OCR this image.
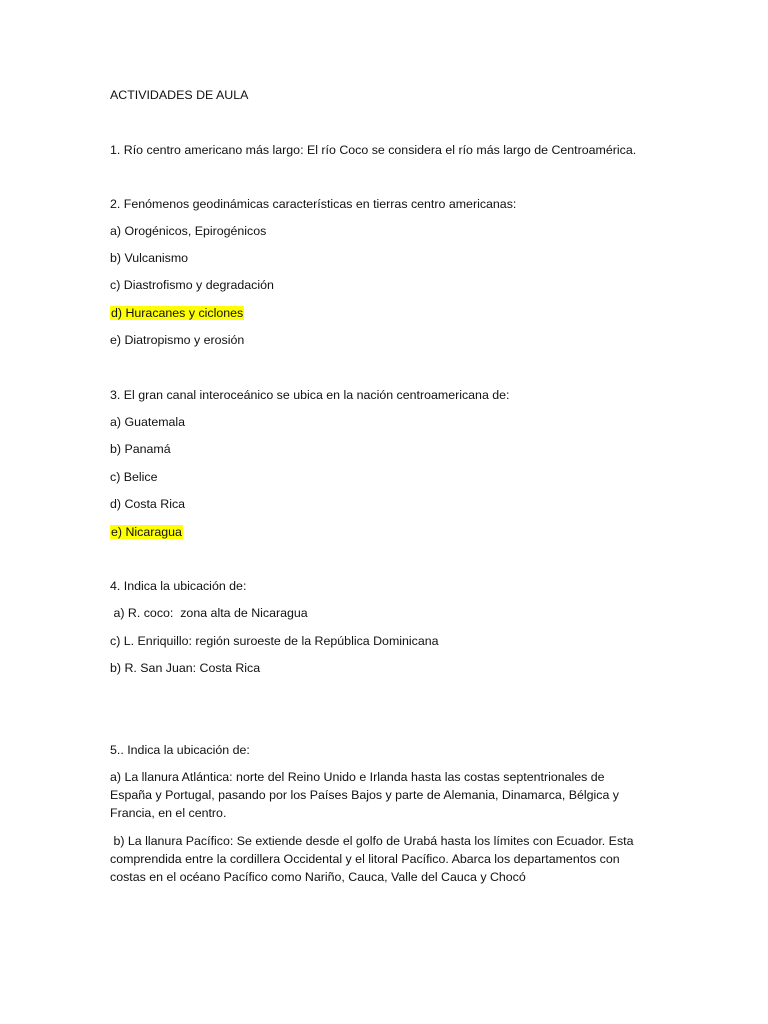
ACTIVIDADES DE AULA
1. Río centro americano más largo: El río Coco se considera el río más largo de Centroamérica.
2. Fenómenos geodinámicas características en tierras centro americanas:
a) Orogénicos, Epirogénicos
b) Vulcanismo
c) Diastrofismo y degradación
d) Huracanes y ciclones
e) Diatropismo y erosión
3. El gran canal interoceánico se ubica en la nación centroamericana de:
a) Guatemala
b) Panamá
c) Belice
d) Costa Rica
e) Nicaragua
4. Indica la ubicación de:
a) R. coco:  zona alta de Nicaragua
c) L. Enriquillo: región suroeste de la República Dominicana
b) R. San Juan: Costa Rica
5.. Indica la ubicación de:
a) La llanura Atlántica: norte del Reino Unido e Irlanda hasta las costas septentrionales de España y Portugal, pasando por los Países Bajos y parte de Alemania, Dinamarca, Bélgica y Francia, en el centro.
b) La llanura Pacífico: Se extiende desde el golfo de Urabá hasta los límites con Ecuador. Esta comprendida entre la cordillera Occidental y el litoral Pacífico. Abarca los departamentos con costas en el océano Pacífico como Nariño, Cauca, Valle del Cauca y Chocó
